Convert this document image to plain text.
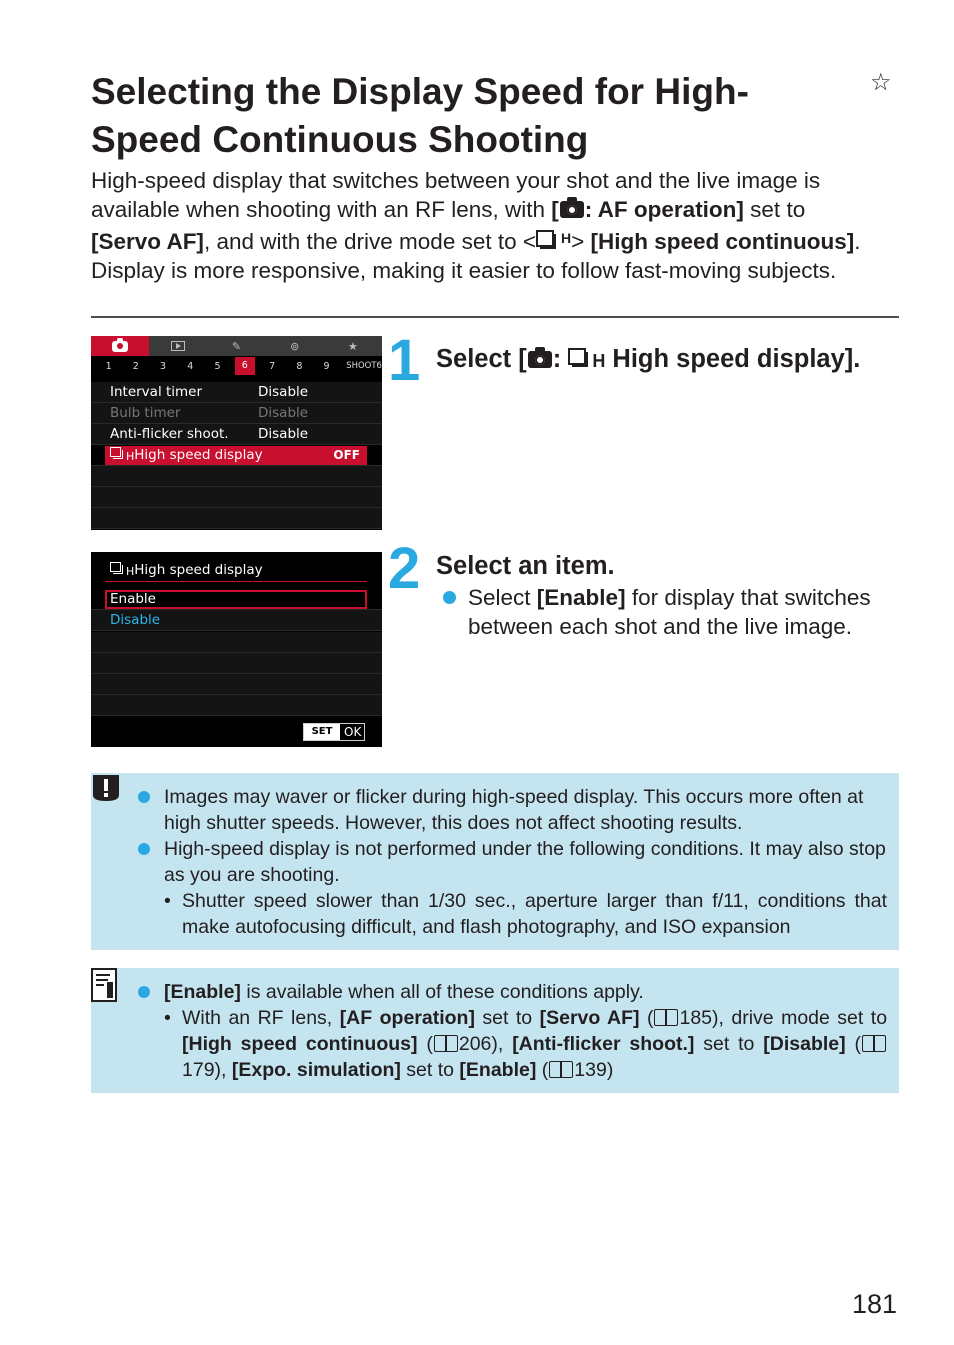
Selecting the Display Speed for High-Speed Continuous Shooting
☆
High-speed display that switches between your shot and the live image is available when shooting with an RF lens, with [ : AF operation] set to [Servo AF], and with the drive mode set to < $^H$> [High speed continuous]. Display is more responsive, making it easier to follow fast-moving subjects.
✎	⊚	★
1	2	3	4	5	6	7	8	9	SHOOT6
Interval timer	Disable
Bulb timer	Disable
Anti-flicker shoot. Disable
HHigh speed display	OFF
HHigh speed display
Enable
Disable
SET OK
1 Select [ : H High speed display].
2 Select an item.
Select [Enable] for display that switches between each shot and the live image.
Images may waver or flicker during high-speed display. This occurs more often at high shutter speeds. However, this does not affect shooting results.
High-speed display is not performed under the following conditions. It may also stop as you are shooting.
• Shutter speed slower than 1/30 sec., aperture larger than f/11, conditions that make autofocusing difficult, and flash photography, and ISO expansion
[Enable] is available when all of these conditions apply.
• With an RF lens, [AF operation] set to [Servo AF] ( 185), drive mode set to [High speed continuous] ( 206), [Anti-flicker shoot.] set to [Disable] (179), [Expo. simulation] set to [Enable] ( 139)
181
